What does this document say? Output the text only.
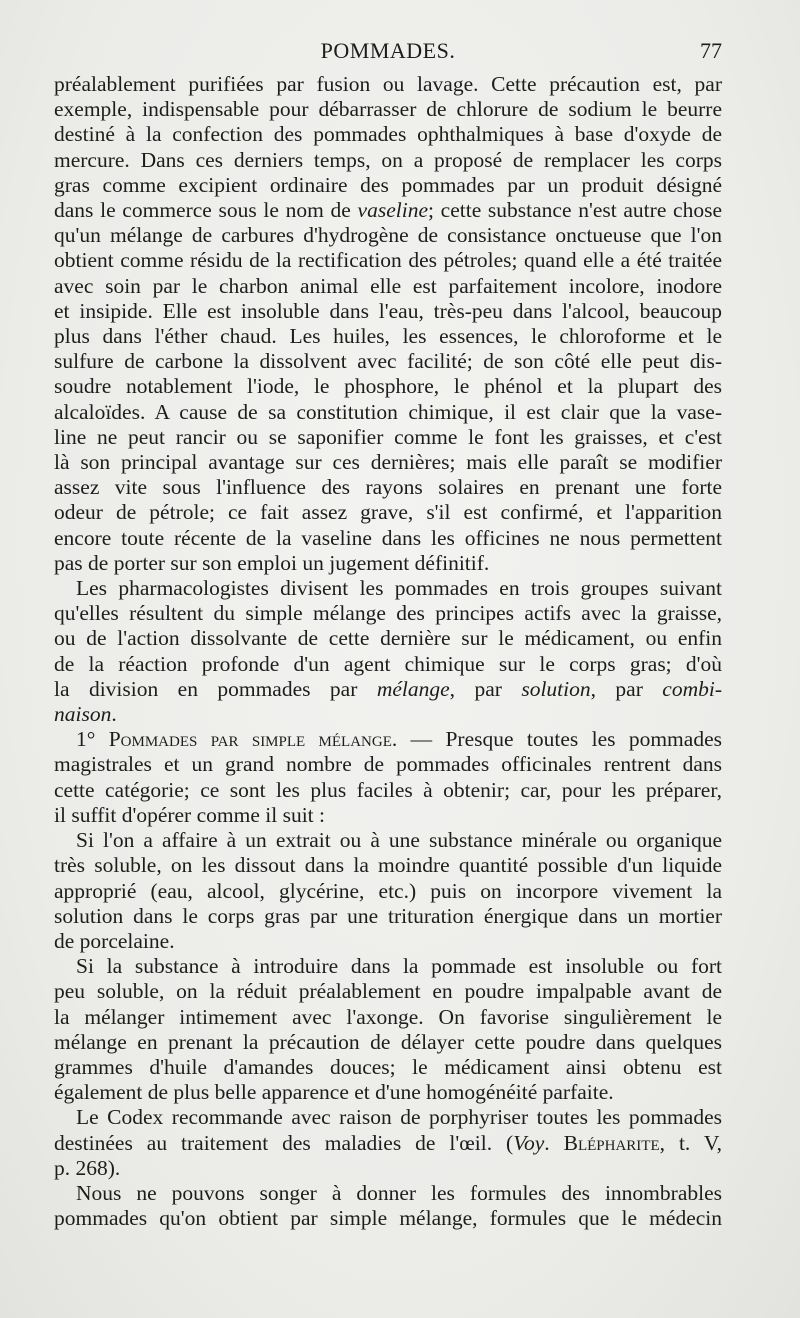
POMMADES.	77

préalablement purifiées par fusion ou lavage. Cette précaution est, par

exemple, indispensable pour débarrasser de chlorure de sodium le beurre

destiné à la confection des pommades ophthalmiques à base d'oxyde de

mercure. Dans ces derniers temps, on a proposé de remplacer les corps

gras comme excipient ordinaire des pommades par un produit désigné

dans le commerce sous le nom de vaseline; cette substance n'est autre chose

qu'un mélange de carbures d'hydrogène de consistance onctueuse que l'on

obtient comme résidu de la rectification des pétroles; quand elle a été traitée

avec soin par le charbon animal elle est parfaitement incolore, inodore

et insipide. Elle est insoluble dans l'eau, très-peu dans l'alcool, beaucoup

plus dans l'éther chaud. Les huiles, les essences, le chloroforme et le

sulfure de carbone la dissolvent avec facilité; de son côté elle peut dis-

soudre notablement l'iode, le phosphore, le phénol et la plupart des

alcaloïdes. A cause de sa constitution chimique, il est clair que la vase-

line ne peut rancir ou se saponifier comme le font les graisses, et c'est

là son principal avantage sur ces dernières; mais elle paraît se modifier

assez vite sous l'influence des rayons solaires en prenant une forte

odeur de pétrole; ce fait assez grave, s'il est confirmé, et l'apparition

encore toute récente de la vaseline dans les officines ne nous permettent

pas de porter sur son emploi un jugement définitif.

Les pharmacologistes divisent les pommades en trois groupes suivant

qu'elles résultent du simple mélange des principes actifs avec la graisse,

ou de l'action dissolvante de cette dernière sur le médicament, ou enfin

de la réaction profonde d'un agent chimique sur le corps gras; d'où

la division en pommades par mélange, par solution, par combi-

naison.

1° Pommades par simple mélange. — Presque toutes les pommades

magistrales et un grand nombre de pommades officinales rentrent dans

cette catégorie; ce sont les plus faciles à obtenir; car, pour les préparer,

il suffit d'opérer comme il suit :

Si l'on a affaire à un extrait ou à une substance minérale ou organique

très soluble, on les dissout dans la moindre quantité possible d'un liquide

approprié (eau, alcool, glycérine, etc.) puis on incorpore vivement la

solution dans le corps gras par une trituration énergique dans un mortier

de porcelaine.

Si la substance à introduire dans la pommade est insoluble ou fort

peu soluble, on la réduit préalablement en poudre impalpable avant de

la mélanger intimement avec l'axonge. On favorise singulièrement le

mélange en prenant la précaution de délayer cette poudre dans quelques

grammes d'huile d'amandes douces; le médicament ainsi obtenu est

également de plus belle apparence et d'une homogénéité parfaite.

Le Codex recommande avec raison de porphyriser toutes les pommades

destinées au traitement des maladies de l'œil. (Voy. Blépharite, t. V,

p. 268).

Nous ne pouvons songer à donner les formules des innombrables

pommades qu'on obtient par simple mélange, formules que le médecin
